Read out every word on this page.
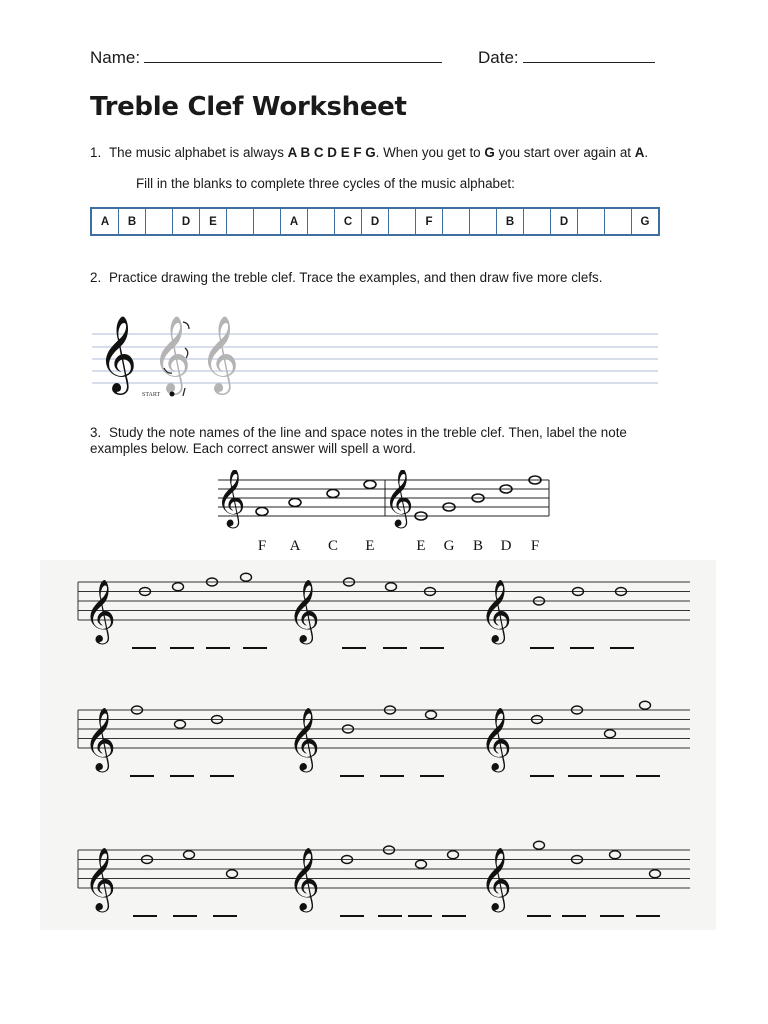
Name:	Date:
Treble Clef Worksheet
1. The music alphabet is always A B C D E F G. When you get to G you start over again at A.
Fill in the blanks to complete three cycles of the music alphabet:
A	B		D	E			A		C	D		F			B		D			G
2. Practice drawing the treble clef. Trace the examples, and then draw five more clefs.
𝄞 𝄞 𝄞
START
3. Study the note names of the line and space notes in the treble clef. Then, label the note
examples below. Each correct answer will spell a word.
𝄞	𝄞
F A C E	E G B D F
𝄞	𝄞	𝄞
𝄞	𝄞	𝄞
𝄞	𝄞	𝄞
